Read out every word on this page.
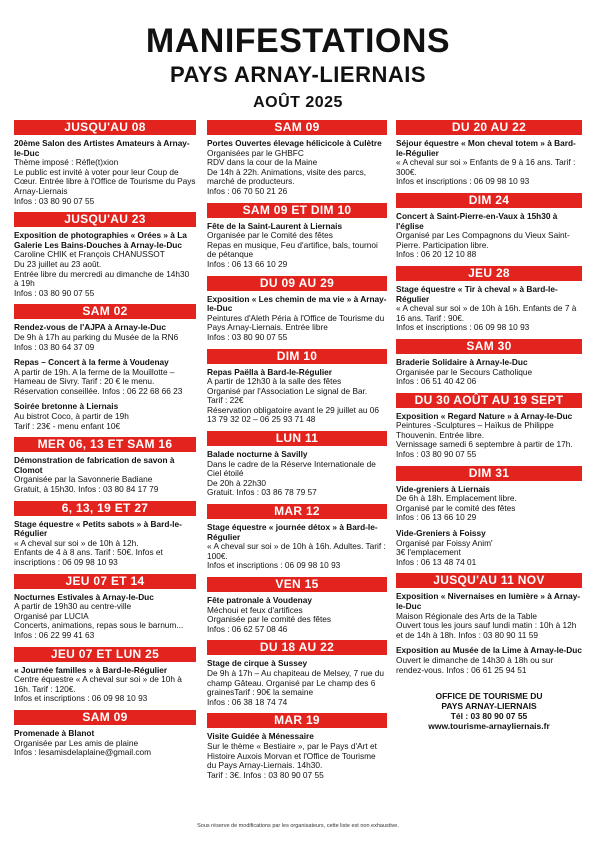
MANIFESTATIONS
PAYS ARNAY-LIERNAIS
AOÛT 2025
JUSQU'AU 08
20ème Salon des Artistes Amateurs à Arnay-le-Duc
Thème imposé : Réfle(t)xion
Le public est invité à voter pour leur Coup de Cœur. Entrée libre à l'Office de Tourisme du Pays Arnay-Liernais
Infos : 03 80 90 07 55
JUSQU'AU 23
Exposition de photographies « Orées » à La Galerie Les Bains-Douches à Arnay-le-Duc
Caroline CHIK et François CHANUSSOT
Du 23 juillet au 23 août.
Entrée libre du mercredi au dimanche de 14h30 à 19h
Infos : 03 80 90 07 55
SAM 02
Rendez-vous de l'AJPA à Arnay-le-Duc
De 9h à 17h au parking du Musée de la RN6
Infos : 03 80 64 37 09
Repas – Concert à la ferme à Voudenay
A partir de 19h. A la ferme de la Mouillotte – Hameau de Sivry. Tarif : 20 € le menu.
Réservation conseillée. Infos : 06 22 68 66 23
Soirée bretonne à Liernais
Au bistrot Coco, à partir de 19h
Tarif : 23€ - menu enfant 10€
MER 06, 13 ET SAM 16
Démonstration de fabrication de savon à Clomot
Organisée par la Savonnerie Badiane
Gratuit, à 15h30. Infos : 03 80 84 17 79
6, 13, 19 ET 27
Stage équestre « Petits sabots » à Bard-le-Régulier
« A cheval sur soi » de 10h à 12h.
Enfants de 4 à 8 ans. Tarif : 50€. Infos et inscriptions : 06 09 98 10 93
JEU 07 ET 14
Nocturnes Estivales à Arnay-le-Duc
A partir de 19h30 au centre-ville
Organisé par LUCIA
Concerts, animations, repas sous le barnum... Infos : 06 22 99 41 63
JEU 07 ET LUN 25
« Journée familles » à Bard-le-Régulier
Centre équestre « A cheval sur soi » de 10h à 16h. Tarif : 120€.
Infos et inscriptions : 06 09 98 10 93
SAM 09
Promenade à Blanot
Organisée par Les amis de plaine
Infos : lesamisdelaplaine@gmail.com
SAM 09
Portes Ouvertes élevage hélicicole à Culètre
Organisées par le GHBFC
RDV dans la cour de la Maine
De 14h à 22h. Animations, visite des parcs, marché de producteurs.
Infos : 06 70 50 21 26
SAM 09 ET DIM 10
Fête de la Saint-Laurent à Liernais
Organisée par le Comité des fêtes
Repas en musique, Feu d'artifice, bals, tournoi de pétanque
Infos : 06 13 66 10 29
DU 09 AU 29
Exposition « Les chemin de ma vie » à Arnay-le-Duc
Peintures d'Aleth Péria à l'Office de Tourisme du Pays Arnay-Liernais. Entrée libre
Infos : 03 80 90 07 55
DIM 10
Repas Paëlla à Bard-le-Régulier
A partir de 12h30 à la salle des fêtes
Organisé par l'Association Le signal de Bar.
Tarif : 22€
Réservation obligatoire avant le 29 juillet au 06 13 79 32 02 – 06 25 93 71 48
LUN 11
Balade nocturne à Savilly
Dans le cadre de la Réserve Internationale de Ciel étoilé
De 20h à 22h30
Gratuit. Infos : 03 86 78 79 57
MAR 12
Stage équestre « journée détox » à Bard-le-Régulier
« A cheval sur soi » de 10h à 16h. Adultes. Tarif : 100€.
Infos et inscriptions : 06 09 98 10 93
VEN 15
Fête patronale à Voudenay
Méchoui et feux d'artifices
Organisée par le comité des fêtes
Infos : 06 62 57 08 46
DU 18 AU 22
Stage de cirque à Sussey
De 9h à 17h – Au chapiteau de Melsey, 7 rue du champ Gâteau. Organisé par Le champ des 6 grainesTarif : 90€ la semaine
Infos : 06 38 18 74 74
MAR 19
Visite Guidée à Ménessaire
Sur le thème « Bestiaire », par le Pays d'Art et Histoire Auxois Morvan et l'Office de Tourisme du Pays Arnay-Liernais. 14h30.
Tarif : 3€. Infos : 03 80 90 07 55
DU 20 AU 22
Séjour équestre « Mon cheval totem » à Bard-le-Régulier
« A cheval sur soi » Enfants de 9 à 16 ans. Tarif : 300€.
Infos et inscriptions : 06 09 98 10 93
DIM 24
Concert à Saint-Pierre-en-Vaux à 15h30 à l'église
Organisé par Les Compagnons du Vieux Saint-Pierre. Participation libre.
Infos : 06 20 12 10 88
JEU 28
Stage équestre « Tir à cheval » à Bard-le-Régulier
« A cheval sur soi » de 10h à 16h. Enfants de 7 à 16 ans. Tarif : 90€.
Infos et inscriptions : 06 09 98 10 93
SAM 30
Braderie Solidaire à Arnay-le-Duc
Organisée par le Secours Catholique
Infos : 06 51 40 42 06
DU 30 AOÛT AU 19 SEPT
Exposition « Regard Nature » à Arnay-le-Duc
Peintures -Sculptures – Haïkus de Philippe Thouvenin. Entrée libre.
Vernissage samedi 6 septembre à partir de 17h. Infos : 03 80 90 07 55
DIM 31
Vide-greniers à Liernais
De 6h à 18h. Emplacement libre.
Organisé par le comité des fêtes
Infos : 06 13 66 10 29
Vide-Greniers à Foissy
Organisé par Foissy Anim'
3€ l'emplacement
Infos : 06 13 48 74 01
JUSQU'AU 11 NOV
Exposition « Nivernaises en lumière » à Arnay-le-Duc
Maison Régionale des Arts de la Table
Ouvert tous les jours sauf lundi matin : 10h à 12h et de 14h à 18h. Infos : 03 80 90 11 59
Exposition au Musée de la Lime à Arnay-le-Duc
Ouvert le dimanche de 14h30 à 18h ou sur rendez-vous. Infos : 06 61 25 94 51
OFFICE DE TOURISME DU
PAYS ARNAY-LIERNAIS
Tél : 03 80 90 07 55
www.tourisme-arnayliernais.fr
Sous réserve de modifications par les organisateurs, cette liste est non exhaustive.
